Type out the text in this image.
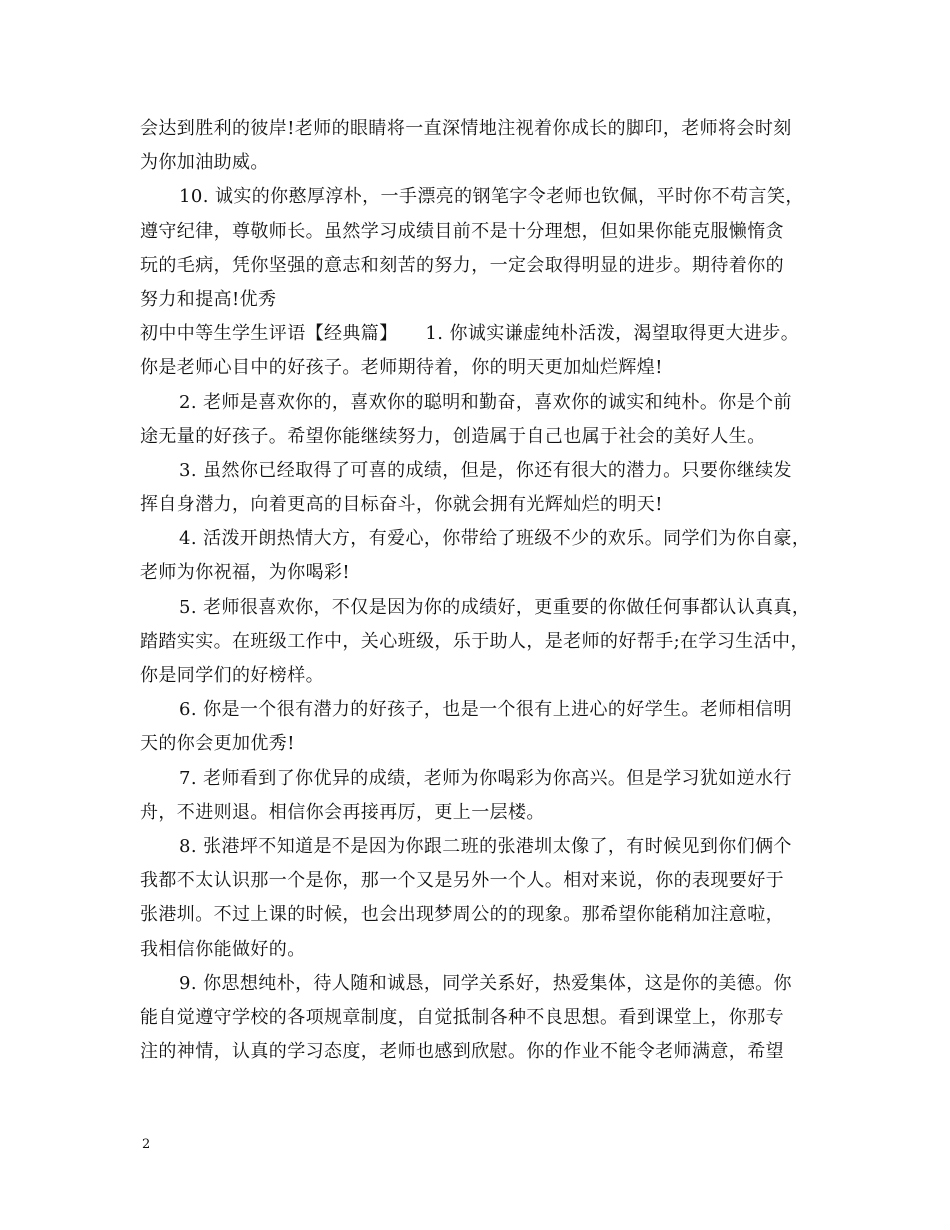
会达到胜利的彼岸!老师的眼睛将一直深情地注视着你成长的脚印，老师将会时刻
为你加油助威。
10. 诚实的你憨厚淳朴，一手漂亮的钢笔字令老师也钦佩，平时你不苟言笑，
遵守纪律，尊敬师长。虽然学习成绩目前不是十分理想，但如果你能克服懒惰贪
玩的毛病，凭你坚强的意志和刻苦的努力，一定会取得明显的进步。期待着你的
努力和提高!优秀
初中中等生学生评语【经典篇】　　1. 你诚实谦虚纯朴活泼，渴望取得更大进步。
你是老师心目中的好孩子。老师期待着，你的明天更加灿烂辉煌!
2. 老师是喜欢你的，喜欢你的聪明和勤奋，喜欢你的诚实和纯朴。你是个前
途无量的好孩子。希望你能继续努力，创造属于自己也属于社会的美好人生。
3. 虽然你已经取得了可喜的成绩，但是，你还有很大的潜力。只要你继续发
挥自身潜力，向着更高的目标奋斗，你就会拥有光辉灿烂的明天!
4. 活泼开朗热情大方，有爱心，你带给了班级不少的欢乐。同学们为你自豪，
老师为你祝福，为你喝彩!
5. 老师很喜欢你，不仅是因为你的成绩好，更重要的你做任何事都认认真真，
踏踏实实。在班级工作中，关心班级，乐于助人，是老师的好帮手;在学习生活中，
你是同学们的好榜样。
6. 你是一个很有潜力的好孩子，也是一个很有上进心的好学生。老师相信明
天的你会更加优秀!
7. 老师看到了你优异的成绩，老师为你喝彩为你高兴。但是学习犹如逆水行
舟，不进则退。相信你会再接再厉，更上一层楼。
8. 张港坪不知道是不是因为你跟二班的张港圳太像了，有时候见到你们俩个
我都不太认识那一个是你，那一个又是另外一个人。相对来说，你的表现要好于
张港圳。不过上课的时候，也会出现梦周公的的现象。那希望你能稍加注意啦，
我相信你能做好的。
9. 你思想纯朴，待人随和诚恳，同学关系好，热爱集体，这是你的美德。你
能自觉遵守学校的各项规章制度，自觉抵制各种不良思想。看到课堂上，你那专
注的神情，认真的学习态度，老师也感到欣慰。你的作业不能令老师满意，希望
2
